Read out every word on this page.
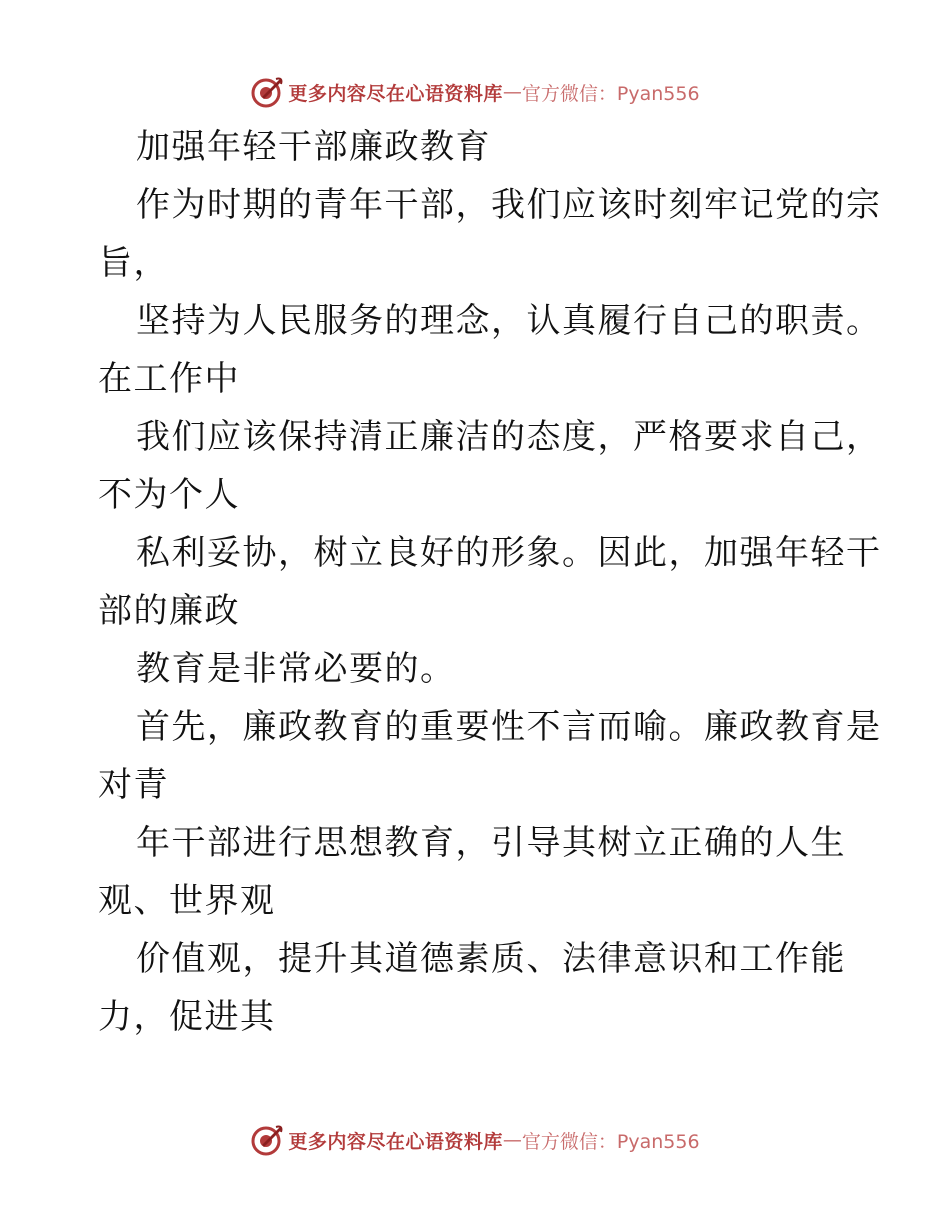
更多内容尽在心语资料库 — 官方微信：Pyan556
加强年轻干部廉政教育
作为时期的青年干部，我们应该时刻牢记党的宗
旨，
坚持为人民服务的理念，认真履行自己的职责。
在工作中
我们应该保持清正廉洁的态度，严格要求自己，
不为个人
私利妥协，树立良好的形象。因此，加强年轻干
部的廉政
教育是非常必要的。
首先，廉政教育的重要性不言而喻。廉政教育是
对青
年干部进行思想教育，引导其树立正确的人生
观、世界观
价值观，提升其道德素质、法律意识和工作能
力，促进其
更多内容尽在心语资料库 — 官方微信：Pyan556
